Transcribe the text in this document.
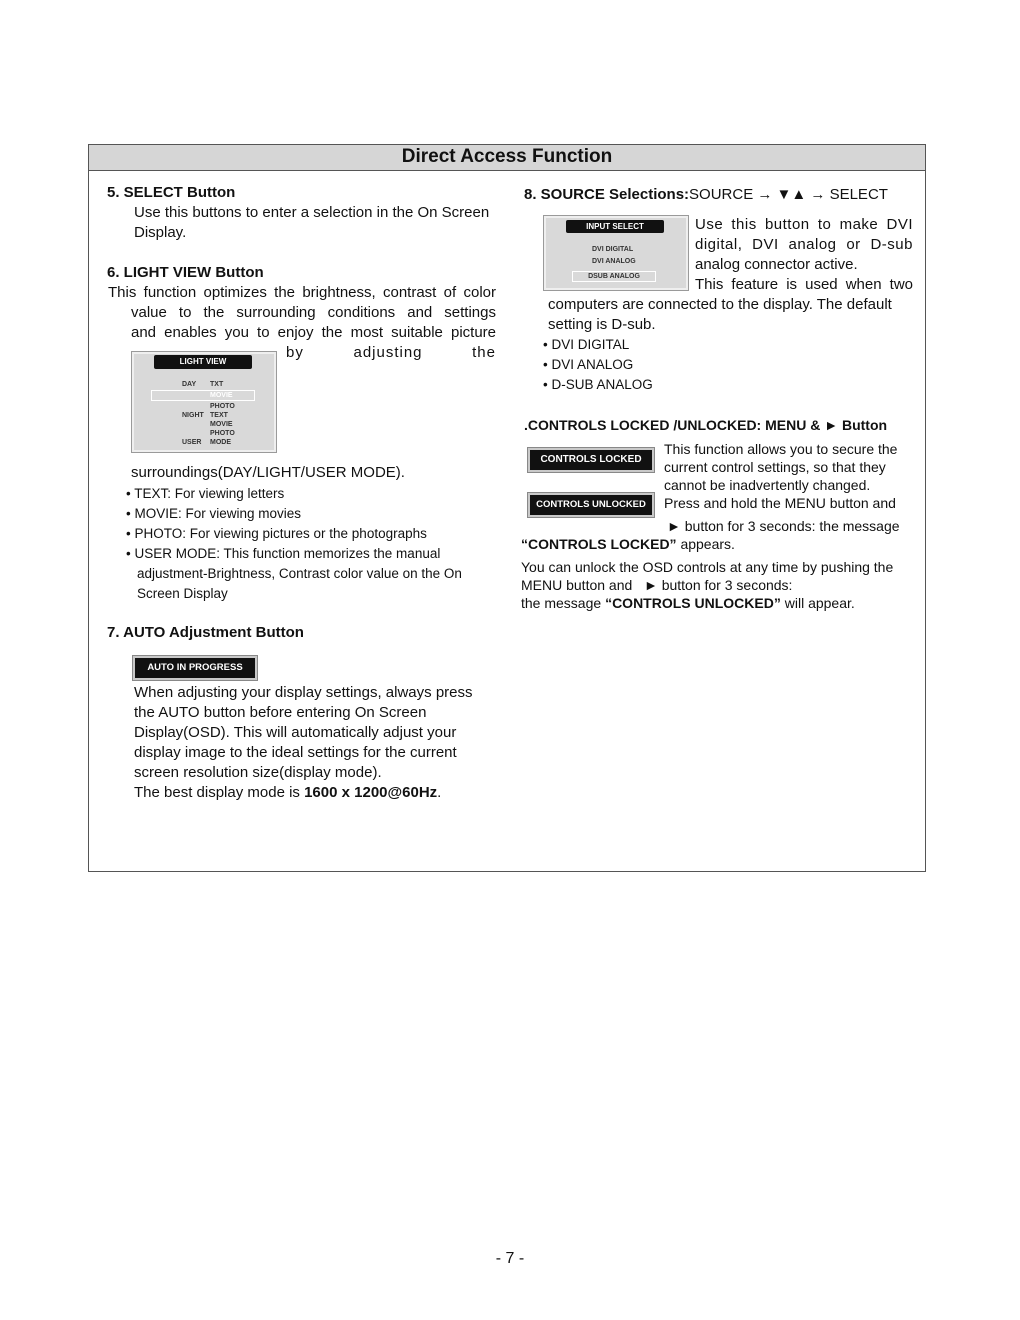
Direct Access Function
5. SELECT Button
Use this buttons to enter a selection in the On Screen
Display.
6. LIGHT VIEW Button
This function optimizes the brightness, contrast of color
value to the surrounding conditions and settings
and enables you to enjoy the most suitable picture
by adjusting the
LIGHT VIEW
DAY TXT
MOVIE
PHOTO
NIGHT TEXT
MOVIE
PHOTO
USER MODE
surroundings(DAY/LIGHT/USER MODE).
• TEXT: For viewing letters
• MOVIE: For viewing movies
• PHOTO: For viewing pictures or the photographs
• USER MODE: This function memorizes the manual
adjustment-Brightness, Contrast color value on the On
Screen Display
7. AUTO Adjustment Button
AUTO IN PROGRESS
When adjusting your display settings, always press
the AUTO button before entering On Screen
Display(OSD). This will automatically adjust your
display image to the ideal settings for the current
screen resolution size(display mode).
The best display mode is 1600 x 1200@60Hz.
8. SOURCE Selections:SOURCE → ▼▲ → SELECT
INPUT SELECT
DVI DIGITAL
DVI ANALOG
DSUB ANALOG
Use this button to make DVI
digital, DVI analog or D-sub
analog connector active.
This feature is used when two
computers are connected to the display. The default
setting is D-sub.
• DVI DIGITAL
• DVI ANALOG
• D-SUB ANALOG
.CONTROLS LOCKED /UNLOCKED: MENU & ► Button
CONTROLS LOCKED
CONTROLS UNLOCKED
This function allows you to secure the
current control settings, so that they
cannot be inadvertently changed.
Press and hold the MENU button and
► button for 3 seconds: the message
“CONTROLS LOCKED” appears.
You can unlock the OSD controls at any time by pushing the
MENU button and   ► button for 3 seconds:
the message “CONTROLS UNLOCKED” will appear.
- 7 -
